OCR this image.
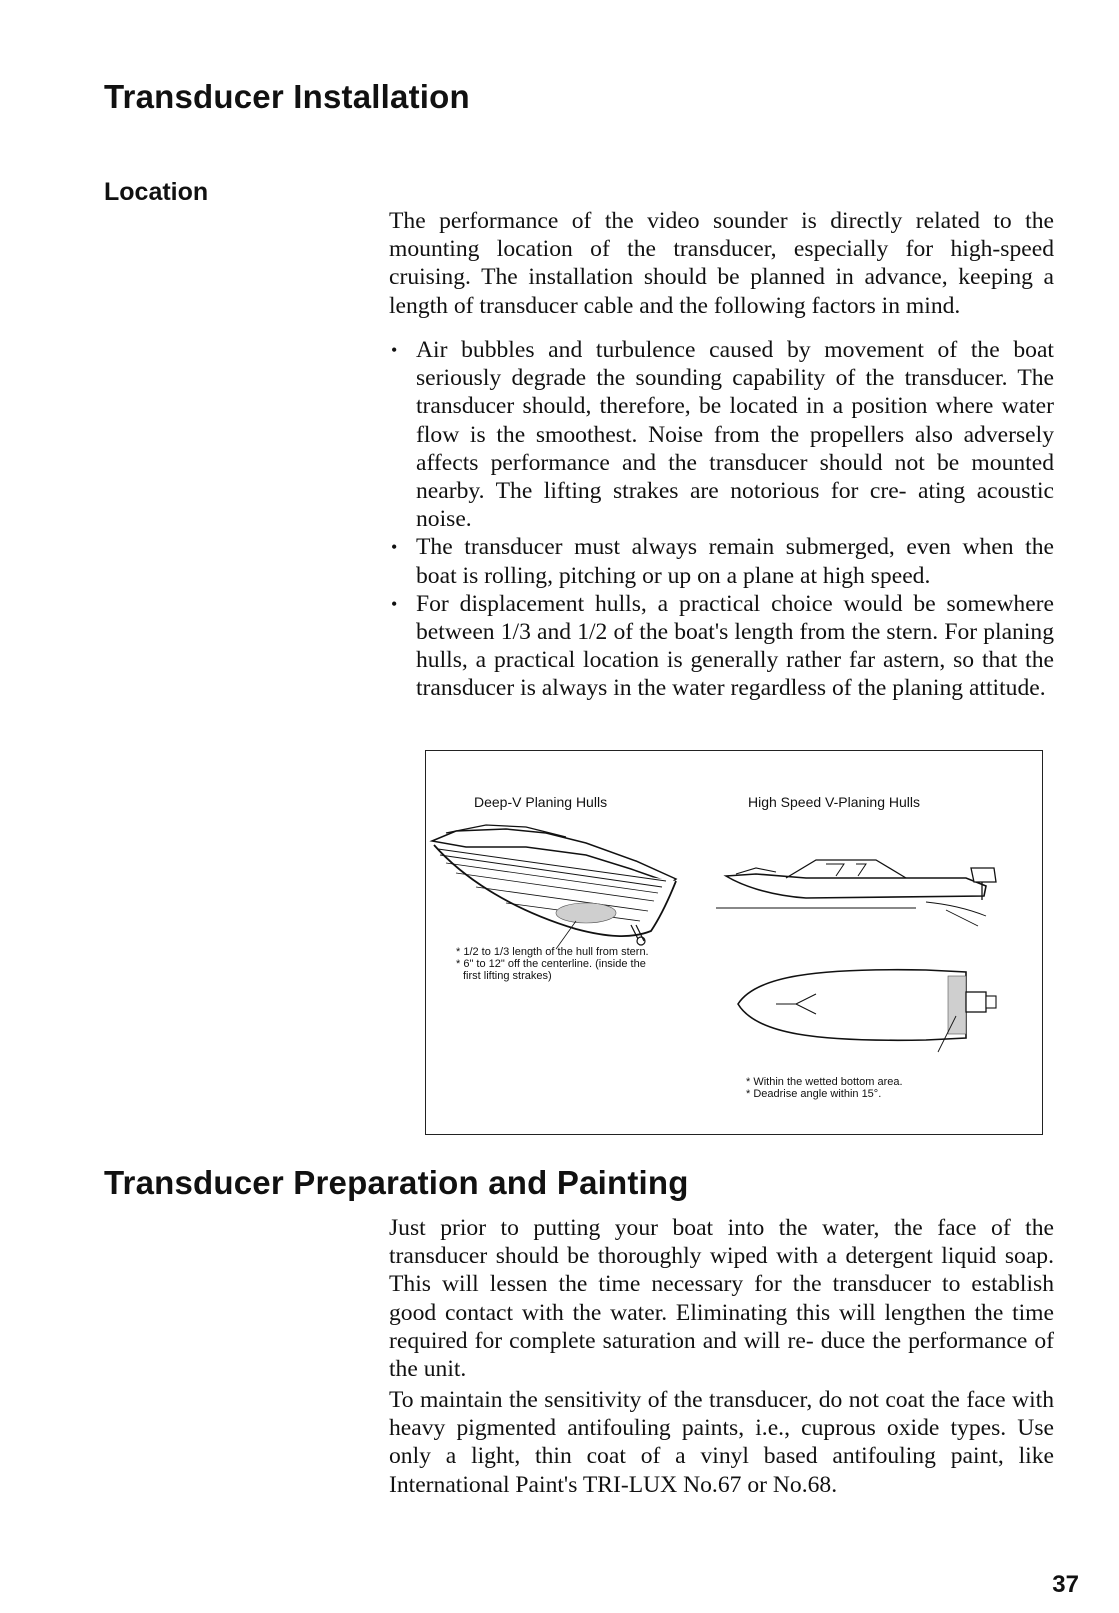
Transducer Installation
Location

The performance of the video sounder is directly related to the mounting location of the transducer, especially for high-speed cruising. The installation should be planned in advance, keeping a length of transducer cable and the following factors in mind.

• Air bubbles and turbulence caused by movement of the boat seriously degrade the sounding capability of the transducer. The transducer should, therefore, be located in a position where water flow is the smoothest. Noise from the propellers also adversely affects performance and the transducer should not be mounted nearby. The lifting strakes are notorious for cre- ating acoustic noise.
• The transducer must always remain submerged, even when the boat is rolling, pitching or up on a plane at high speed.
• For displacement hulls, a practical choice would be somewhere between 1/3 and 1/2 of the boat's length from the stern. For planing hulls, a practical location is generally rather far astern, so that the transducer is always in the water regardless of the planing attitude.
Deep-V Planing Hulls	High Speed V-Planing Hulls
* 1/2 to 1/3 length of the hull from stern.
* 6" to 12" off the centerline. (inside the
first lifting strakes)
* Within the wetted bottom area.
* Deadrise angle within 15°.
Transducer Preparation and Painting

Just prior to putting your boat into the water, the face of the transducer should be thoroughly wiped with a detergent liquid soap. This will lessen the time necessary for the transducer to establish good contact with the water. Eliminating this will lengthen the time required for complete saturation and will re- duce the performance of the unit.

To maintain the sensitivity of the transducer, do not coat the face with heavy pigmented antifouling paints, i.e., cuprous oxide types. Use only a light, thin coat of a vinyl based antifouling paint, like International Paint's TRI-LUX No.67 or No.68.

37
